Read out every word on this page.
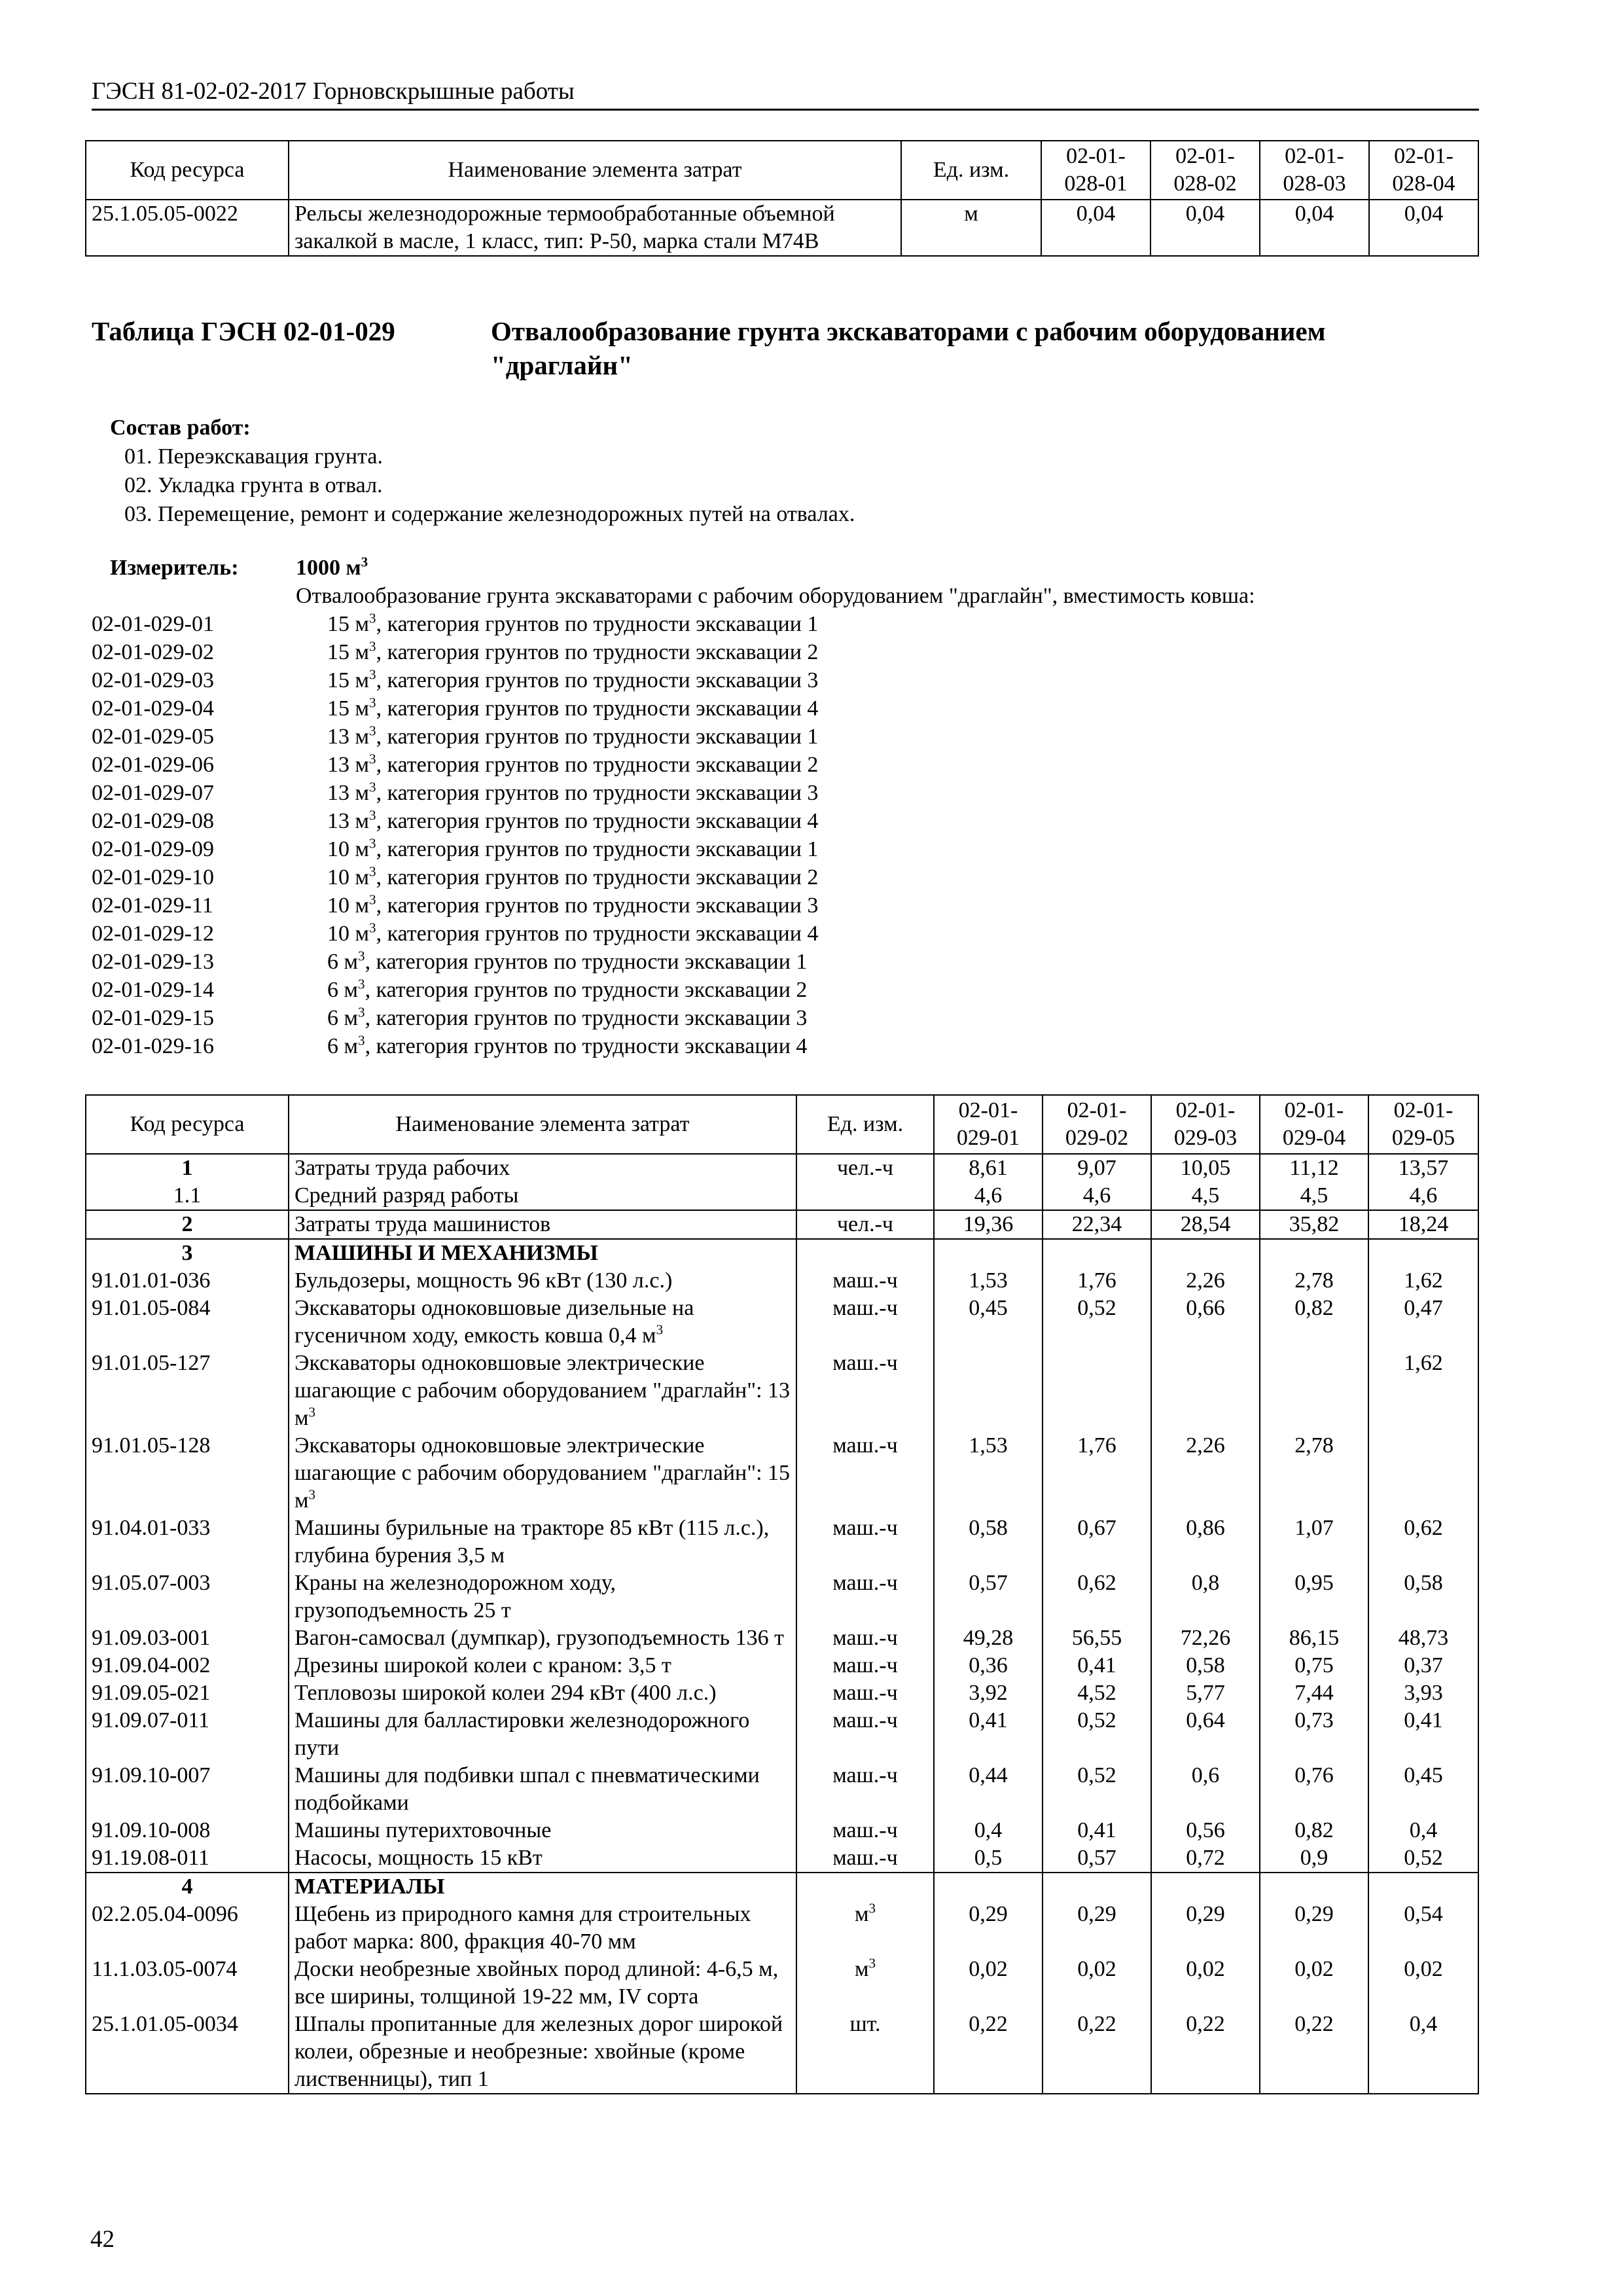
ГЭСН 81-02-02-2017 Горновскрышные работы
Код ресурса	Наименование элемента затрат	Ед. изм.	02-01-028-01	02-01-028-02	02-01-028-03	02-01-028-04
25.1.05.05-0022	Рельсы железнодорожные термообработанные объемной закалкой в масле, 1 класс, тип: Р-50, марка стали М74В	м	0,04	0,04	0,04	0,04
Таблица ГЭСН 02-01-029	Отвалообразование грунта экскаваторами с рабочим оборудованием "драглайн"
Состав работ:
01. Переэкскавация грунта.
02. Укладка грунта в отвал.
03. Перемещение, ремонт и содержание железнодорожных путей на отвалах.
Измеритель:	1000 $м^3$
Отвалообразование грунта экскаваторами с рабочим оборудованием "драглайн", вместимость ковша:
02-01-029-01	15 $м^3$, категория грунтов по трудности экскавации 1
02-01-029-02	15 $м^3$, категория грунтов по трудности экскавации 2
02-01-029-03	15 $м^3$, категория грунтов по трудности экскавации 3
02-01-029-04	15 $м^3$, категория грунтов по трудности экскавации 4
02-01-029-05	13 $м^3$, категория грунтов по трудности экскавации 1
02-01-029-06	13 $м^3$, категория грунтов по трудности экскавации 2
02-01-029-07	13 $м^3$, категория грунтов по трудности экскавации 3
02-01-029-08	13 $м^3$, категория грунтов по трудности экскавации 4
02-01-029-09	10 $м^3$, категория грунтов по трудности экскавации 1
02-01-029-10	10 $м^3$, категория грунтов по трудности экскавации 2
02-01-029-11	10 $м^3$, категория грунтов по трудности экскавации 3
02-01-029-12	10 $м^3$, категория грунтов по трудности экскавации 4
02-01-029-13	6 $м^3$, категория грунтов по трудности экскавации 1
02-01-029-14	6 $м^3$, категория грунтов по трудности экскавации 2
02-01-029-15	6 $м^3$, категория грунтов по трудности экскавации 3
02-01-029-16	6 $м^3$, категория грунтов по трудности экскавации 4
Код ресурса	Наименование элемента затрат	Ед. изм.	02-01-029-01	02-01-029-02	02-01-029-03	02-01-029-04	02-01-029-05
1	Затраты труда рабочих	чел.-ч	8,61	9,07	10,05	11,12	13,57
1.1	Средний разряд работы		4,6	4,6	4,5	4,5	4,6
2	Затраты труда машинистов	чел.-ч	19,36	22,34	28,54	35,82	18,24
3	МАШИНЫ И МЕХАНИЗМЫ						
91.01.01-036	Бульдозеры, мощность 96 кВт (130 л.с.)	маш.-ч	1,53	1,76	2,26	2,78	1,62
91.01.05-084	Экскаваторы одноковшовые дизельные на гусеничном ходу, емкость ковша 0,4 $м^3$	маш.-ч	0,45	0,52	0,66	0,82	0,47
91.01.05-127	Экскаваторы одноковшовые электрические шагающие с рабочим оборудованием "драглайн": 13 $м^3$	маш.-ч					1,62
91.01.05-128	Экскаваторы одноковшовые электрические шагающие с рабочим оборудованием "драглайн": 15 $м^3$	маш.-ч	1,53	1,76	2,26	2,78	
91.04.01-033	Машины бурильные на тракторе 85 кВт (115 л.с.), глубина бурения 3,5 м	маш.-ч	0,58	0,67	0,86	1,07	0,62
91.05.07-003	Краны на железнодорожном ходу, грузоподъемность 25 т	маш.-ч	0,57	0,62	0,8	0,95	0,58
91.09.03-001	Вагон-самосвал (думпкар), грузоподъемность 136 т	маш.-ч	49,28	56,55	72,26	86,15	48,73
91.09.04-002	Дрезины широкой колеи с краном: 3,5 т	маш.-ч	0,36	0,41	0,58	0,75	0,37
91.09.05-021	Тепловозы широкой колеи 294 кВт (400 л.с.)	маш.-ч	3,92	4,52	5,77	7,44	3,93
91.09.07-011	Машины для балластировки железнодорожного пути	маш.-ч	0,41	0,52	0,64	0,73	0,41
91.09.10-007	Машины для подбивки шпал с пневматическими подбойками	маш.-ч	0,44	0,52	0,6	0,76	0,45
91.09.10-008	Машины путерихтовочные	маш.-ч	0,4	0,41	0,56	0,82	0,4
91.19.08-011	Насосы, мощность 15 кВт	маш.-ч	0,5	0,57	0,72	0,9	0,52
4	МАТЕРИАЛЫ						
02.2.05.04-0096	Щебень из природного камня для строительных работ марка: 800, фракция 40-70 мм	$м^3$	0,29	0,29	0,29	0,29	0,54
11.1.03.05-0074	Доски необрезные хвойных пород длиной: 4-6,5 м, все ширины, толщиной 19-22 мм, IV сорта	$м^3$	0,02	0,02	0,02	0,02	0,02
25.1.01.05-0034	Шпалы пропитанные для железных дорог широкой колеи, обрезные и необрезные: хвойные (кроме лиственницы), тип 1	шт.	0,22	0,22	0,22	0,22	0,4
42
